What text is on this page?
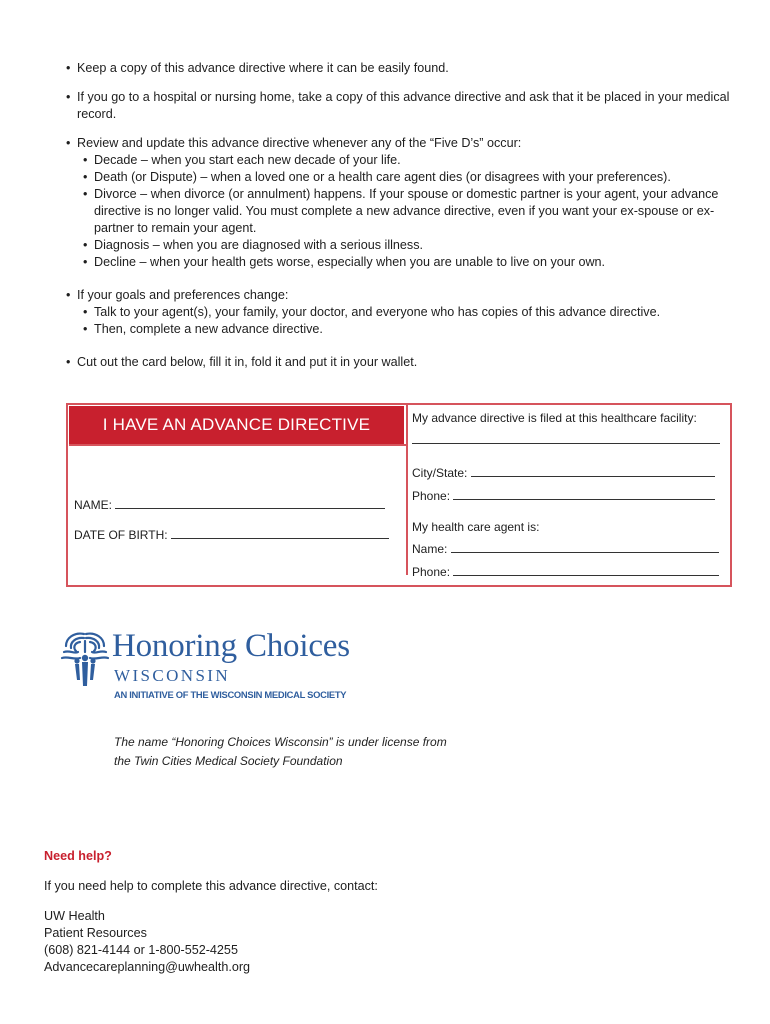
• Keep a copy of this advance directive where it can be easily found.
• If you go to a hospital or nursing home, take a copy of this advance directive and ask that it be placed in your medical record.
• Review and update this advance directive whenever any of the “Five D’s” occur:
• Decade – when you start each new decade of your life.
• Death (or Dispute) – when a loved one or a health care agent dies (or disagrees with your preferences).
• Divorce – when divorce (or annulment) happens. If your spouse or domestic partner is your agent, your advance directive is no longer valid. You must complete a new advance directive, even if you want your ex-spouse or ex-partner to remain your agent.
• Diagnosis – when you are diagnosed with a serious illness.
• Decline – when your health gets worse, especially when you are unable to live on your own.
• If your goals and preferences change:
• Talk to your agent(s), your family, your doctor, and everyone who has copies of this advance directive.
• Then, complete a new advance directive.
• Cut out the card below, fill it in, fold it and put it in your wallet.
I HAVE AN ADVANCE DIRECTIVE
NAME:
DATE OF BIRTH:
My advance directive is filed at this healthcare facility:
City/State:
Phone:
My health care agent is:
Name:
Phone:
Honoring Choices
WISCONSIN
AN INITIATIVE OF THE WISCONSIN MEDICAL SOCIETY
The name “Honoring Choices Wisconsin” is under license from
the Twin Cities Medical Society Foundation
Need help?
If you need help to complete this advance directive, contact:
UW Health
Patient Resources
(608) 821-4144 or 1-800-552-4255
Advancecareplanning@uwhealth.org
